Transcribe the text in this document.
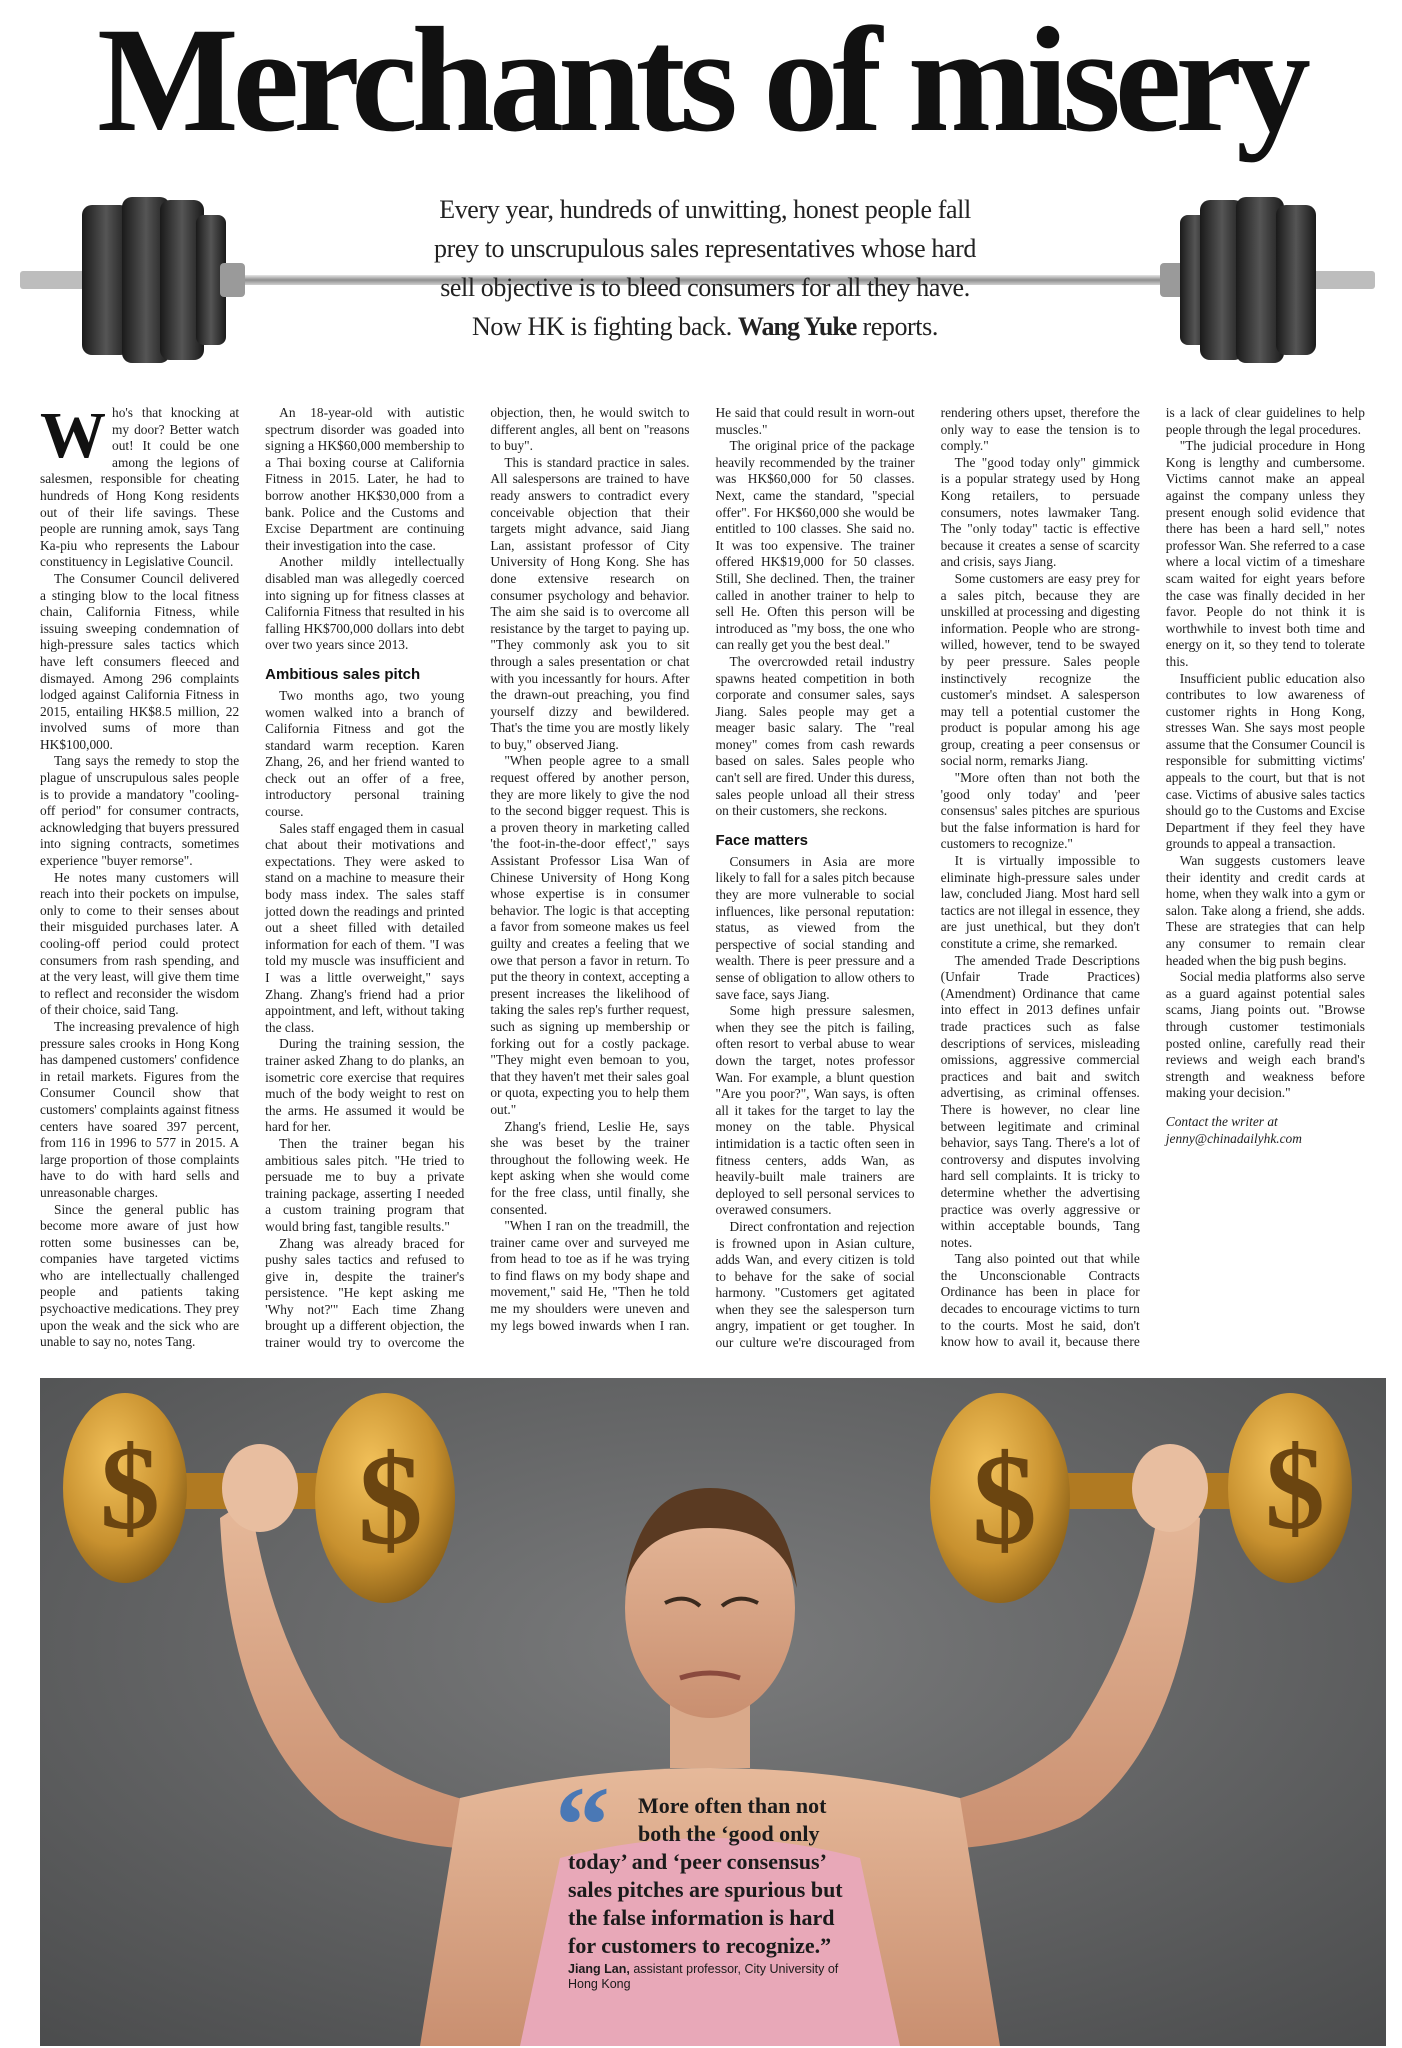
Merchants of misery
Every year, hundreds of unwitting, honest people fall prey to unscrupulous sales representatives whose hard sell objective is to bleed consumers for all they have. Now HK is fighting back. Wang Yuke reports.

Who's that knocking at my door? Better watch out! It could be one among the legions of salesmen, responsible for cheating hundreds of Hong Kong residents out of their life savings. These people are running amok, says Tang Ka-piu who represents the Labour constituency in Legislative Council.

The Consumer Council delivered a stinging blow to the local fitness chain, California Fitness, while issuing sweeping condemnation of high-pressure sales tactics which have left consumers fleeced and dismayed. Among 296 complaints lodged against California Fitness in 2015, entailing HK$8.5 million, 22 involved sums of more than HK$100,000.

Tang says the remedy to stop the plague of unscrupulous sales people is to provide a mandatory "cooling-off period" for consumer contracts, acknowledging that buyers pressured into signing contracts, sometimes experience "buyer remorse".

He notes many customers will reach into their pockets on impulse, only to come to their senses about their misguided purchases later. A cooling-off period could protect consumers from rash spending, and at the very least, will give them time to reflect and reconsider the wisdom of their choice, said Tang.

The increasing prevalence of high pressure sales crooks in Hong Kong has dampened customers' confidence in retail markets. Figures from the Consumer Council show that customers' complaints against fitness centers have soared 397 percent, from 116 in 1996 to 577 in 2015. A large proportion of those complaints have to do with hard sells and unreasonable charges.

Since the general public has become more aware of just how rotten some businesses can be, companies have targeted victims who are intellectually challenged people and patients taking psychoactive medications. They prey upon the weak and the sick who are unable to say no, notes Tang.

An 18-year-old with autistic spectrum disorder was goaded into signing a HK$60,000 membership to a Thai boxing course at California Fitness in 2015. Later, he had to borrow another HK$30,000 from a bank. Police and the Customs and Excise Department are continuing their investigation into the case.

Another mildly intellectually disabled man was allegedly coerced into signing up for fitness classes at California Fitness that resulted in his falling HK$700,000 dollars into debt over two years since 2013.

Ambitious sales pitch

Two months ago, two young women walked into a branch of California Fitness and got the standard warm reception. Karen Zhang, 26, and her friend wanted to check out an offer of a free, introductory personal training course.

Sales staff engaged them in casual chat about their motivations and expectations. They were asked to stand on a machine to measure their body mass index. The sales staff jotted down the readings and printed out a sheet filled with detailed information for each of them. "I was told my muscle was insufficient and I was a little overweight," says Zhang. Zhang's friend had a prior appointment, and left, without taking the class.

During the training session, the trainer asked Zhang to do planks, an isometric core exercise that requires much of the body weight to rest on the arms. He assumed it would be hard for her.

Then the trainer began his ambitious sales pitch. "He tried to persuade me to buy a private training package, asserting I needed a custom training program that would bring fast, tangible results."

Zhang was already braced for pushy sales tactics and refused to give in, despite the trainer's persistence. "He kept asking me 'Why not?'" Each time Zhang brought up a different objection, the trainer would try to overcome the objection, then, he would switch to different angles, all bent on "reasons to buy".

This is standard practice in sales. All salespersons are trained to have ready answers to contradict every conceivable objection that their targets might advance, said Jiang Lan, assistant professor of City University of Hong Kong. She has done extensive research on consumer psychology and behavior. The aim she said is to overcome all resistance by the target to paying up. "They commonly ask you to sit through a sales presentation or chat with you incessantly for hours. After the drawn-out preaching, you find yourself dizzy and bewildered. That's the time you are mostly likely to buy," observed Jiang.

"When people agree to a small request offered by another person, they are more likely to give the nod to the second bigger request. This is a proven theory in marketing called 'the foot-in-the-door effect'," says Assistant Professor Lisa Wan of Chinese University of Hong Kong whose expertise is in consumer behavior. The logic is that accepting a favor from someone makes us feel guilty and creates a feeling that we owe that person a favor in return. To put the theory in context, accepting a present increases the likelihood of taking the sales rep's further request, such as signing up membership or forking out for a costly package. "They might even bemoan to you, that they haven't met their sales goal or quota, expecting you to help them out."

Zhang's friend, Leslie He, says she was beset by the trainer throughout the following week. He kept asking when she would come for the free class, until finally, she consented.

"When I ran on the treadmill, the trainer came over and surveyed me from head to toe as if he was trying to find flaws on my body shape and movement," said He, "Then he told me my shoulders were uneven and my legs bowed inwards when I ran. He said that could result in worn-out muscles."

The original price of the package heavily recommended by the trainer was HK$60,000 for 50 classes. Next, came the standard, "special offer". For HK$60,000 she would be entitled to 100 classes. She said no. It was too expensive. The trainer offered HK$19,000 for 50 classes. Still, She declined. Then, the trainer called in another trainer to help to sell He. Often this person will be introduced as "my boss, the one who can really get you the best deal."

The overcrowded retail industry spawns heated competition in both corporate and consumer sales, says Jiang. Sales people may get a meager basic salary. The "real money" comes from cash rewards based on sales. Sales people who can't sell are fired. Under this duress, sales people unload all their stress on their customers, she reckons.

Face matters

Consumers in Asia are more likely to fall for a sales pitch because they are more vulnerable to social influences, like personal reputation: status, as viewed from the perspective of social standing and wealth. There is peer pressure and a sense of obligation to allow others to save face, says Jiang.

Some high pressure salesmen, when they see the pitch is failing, often resort to verbal abuse to wear down the target, notes professor Wan. For example, a blunt question "Are you poor?", Wan says, is often all it takes for the target to lay the money on the table. Physical intimidation is a tactic often seen in fitness centers, adds Wan, as heavily-built male trainers are deployed to sell personal services to overawed consumers.

Direct confrontation and rejection is frowned upon in Asian culture, adds Wan, and every citizen is told to behave for the sake of social harmony. "Customers get agitated when they see the salesperson turn angry, impatient or get tougher. In our culture we're discouraged from rendering others upset, therefore the only way to ease the tension is to comply."

The "good today only" gimmick is a popular strategy used by Hong Kong retailers, to persuade consumers, notes lawmaker Tang. The "only today" tactic is effective because it creates a sense of scarcity and crisis, says Jiang.

Some customers are easy prey for a sales pitch, because they are unskilled at processing and digesting information. People who are strong-willed, however, tend to be swayed by peer pressure. Sales people instinctively recognize the customer's mindset. A salesperson may tell a potential customer the product is popular among his age group, creating a peer consensus or social norm, remarks Jiang.

"More often than not both the 'good only today' and 'peer consensus' sales pitches are spurious but the false information is hard for customers to recognize."

It is virtually impossible to eliminate high-pressure sales under law, concluded Jiang. Most hard sell tactics are not illegal in essence, they are just unethical, but they don't constitute a crime, she remarked.

The amended Trade Descriptions (Unfair Trade Practices) (Amendment) Ordinance that came into effect in 2013 defines unfair trade practices such as false descriptions of services, misleading omissions, aggressive commercial practices and bait and switch advertising, as criminal offenses. There is however, no clear line between legitimate and criminal behavior, says Tang. There's a lot of controversy and disputes involving hard sell complaints. It is tricky to determine whether the advertising practice was overly aggressive or within acceptable bounds, Tang notes.

Tang also pointed out that while the Unconscionable Contracts Ordinance has been in place for decades to encourage victims to turn to the courts. Most he said, don't know how to avail it, because there is a lack of clear guidelines to help people through the legal procedures.

"The judicial procedure in Hong Kong is lengthy and cumbersome. Victims cannot make an appeal against the company unless they present enough solid evidence that there has been a hard sell," notes professor Wan. She referred to a case where a local victim of a timeshare scam waited for eight years before the case was finally decided in her favor. People do not think it is worthwhile to invest both time and energy on it, so they tend to tolerate this.

Insufficient public education also contributes to low awareness of customer rights in Hong Kong, stresses Wan. She says most people assume that the Consumer Council is responsible for submitting victims' appeals to the court, but that is not case. Victims of abusive sales tactics should go to the Customs and Excise Department if they feel they have grounds to appeal a transaction.

Wan suggests customers leave their identity and credit cards at home, when they walk into a gym or salon. Take along a friend, she adds. These are strategies that can help any consumer to remain clear headed when the big push begins.

Social media platforms also serve as a guard against potential sales scams, Jiang points out. "Browse through customer testimonials posted online, carefully read their reviews and weigh each brand's strength and weakness before making your decision."

Contact the writer at
jenny@chinadailyhk.com

$ $	$ $
“	More often than not
both the ‘good only
today’ and ‘peer consensus’ sales pitches are spurious but the false information is hard for customers to recognize.”
Jiang Lan, assistant professor, City University of Hong Kong
